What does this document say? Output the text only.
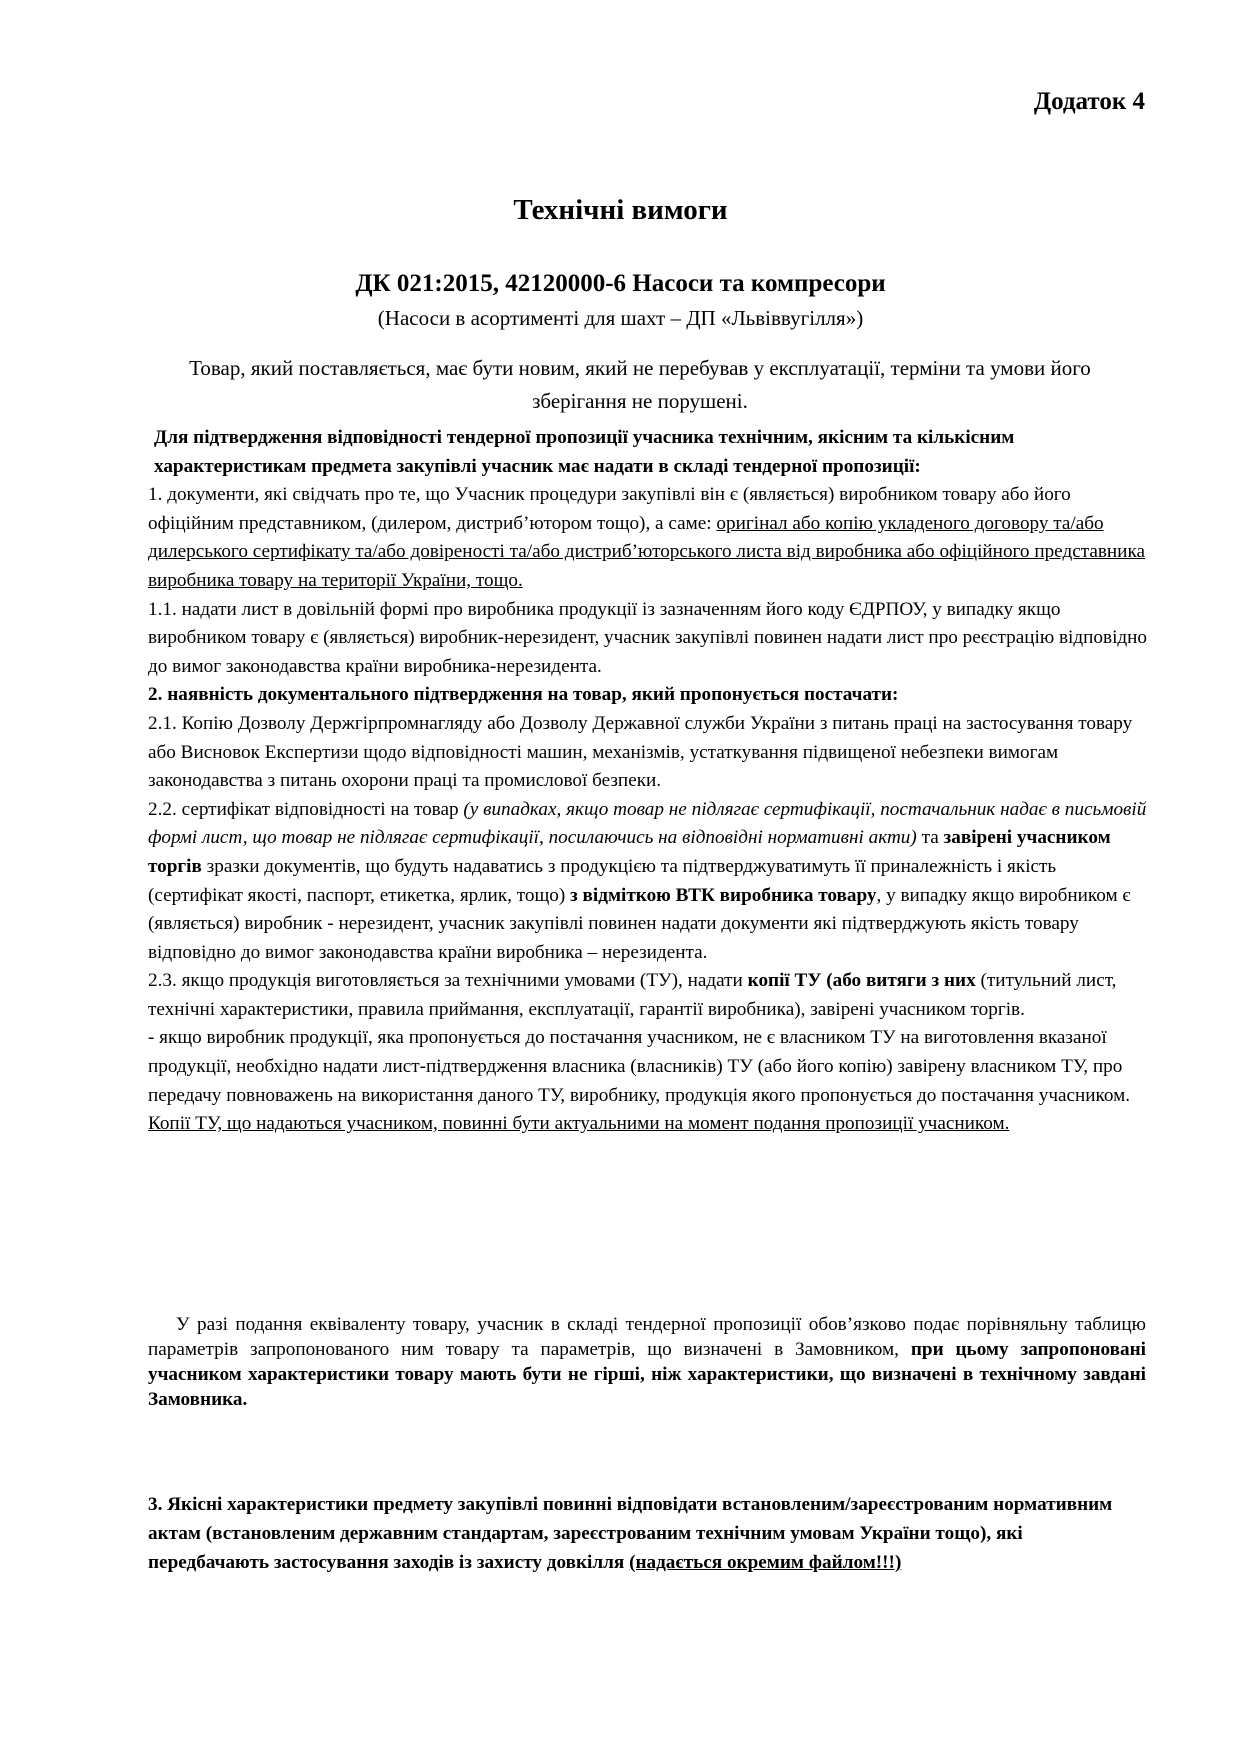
Додаток 4
Технічні вимоги
ДК 021:2015, 42120000-6 Насоси та компресори
(Насоси в асортименті для шахт – ДП «Львіввугілля»)
Товар, який поставляється, має бути новим, який не перебував у експлуатації, терміни та умови його зберігання не порушені.

Для підтвердження відповідності тендерної пропозиції учасника технічним, якісним та кількісним характеристикам предмета закупівлі учасник має надати в складі тендерної пропозиції:

1. документи, які свідчать про те, що Учасник процедури закупівлі він є (являється) виробником товару або його офіційним представником, (дилером, дистриб’ютором тощо), а саме: оригінал або копію укладеного договору та/або дилерського сертифікату та/або довіреності та/або дистриб’юторського листа від виробника або офіційного представника виробника товару на території України, тощо.

1.1. надати лист в довільній формі про виробника продукції із зазначенням його коду ЄДРПОУ, у випадку якщо виробником товару є (являється) виробник-нерезидент, учасник закупівлі повинен надати лист про реєстрацію відповідно до вимог законодавства країни виробника-нерезидента.

2. наявність документального підтвердження на товар, який пропонується постачати:

2.1. Копію Дозволу Держгірпромнагляду або Дозволу Державної служби України з питань праці на застосування товару або Висновок Експертизи щодо відповідності машин, механізмів, устаткування підвищеної небезпеки вимогам законодавства з питань охорони праці та промислової безпеки.

2.2. сертифікат відповідності на товар (у випадках, якщо товар не підлягає сертифікації, постачальник надає в письмовій формі лист, що товар не підлягає сертифікації, посилаючись на відповідні нормативні акти) та завірені учасником торгів зразки документів, що будуть надаватись з продукцією та підтверджуватимуть її приналежність і якість (сертифікат якості, паспорт, етикетка, ярлик, тощо) з відміткою ВТК виробника товару, у випадку якщо виробником є (являється) виробник - нерезидент, учасник закупівлі повинен надати документи які підтверджують якість товару відповідно до вимог законодавства країни виробника – нерезидента.

2.3. якщо продукція виготовляється за технічними умовами (ТУ), надати копії ТУ (або витяги з них (титульний лист, технічні характеристики, правила приймання, експлуатації, гарантії виробника), завірені учасником торгів.

- якщо виробник продукції, яка пропонується до постачання учасником, не є власником ТУ на виготовлення вказаної продукції, необхідно надати лист-підтвердження власника (власників) ТУ (або його копію) завірену власником ТУ, про передачу повноважень на використання даного ТУ, виробнику, продукція якого пропонується до постачання учасником.

Копії ТУ, що надаються учасником, повинні бути актуальними на момент подання пропозиції учасником.

У разі подання еквіваленту товару, учасник в складі тендерної пропозиції обов’язково подає порівняльну таблицю параметрів запропонованого ним товару та параметрів, що визначені в Замовником, при цьому запропоновані учасником характеристики товару мають бути не гірші, ніж характеристики, що визначені в технічному завдані Замовника.

3. Якісні характеристики предмету закупівлі повинні відповідати встановленим/зареєстрованим нормативним актам (встановленим державним стандартам, зареєстрованим технічним умовам України тощо), які передбачають застосування заходів із захисту довкілля (надається окремим файлом!!!)
